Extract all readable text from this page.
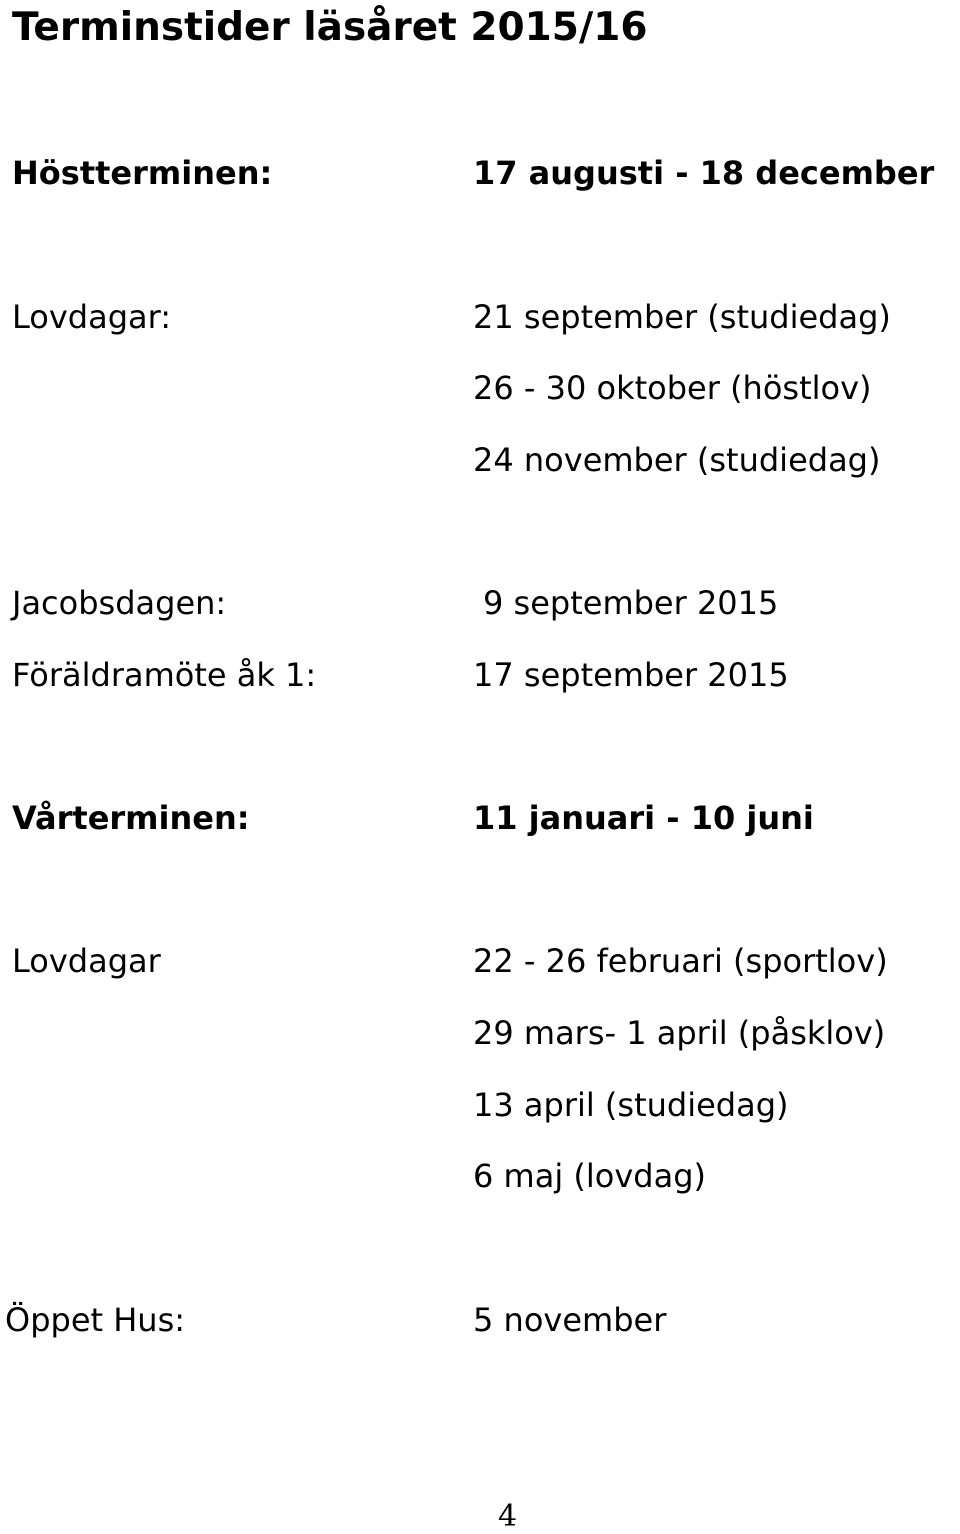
Terminstider läsåret 2015/16
Höstterminen:	17 augusti - 18 december
Lovdagar:	21 september (studiedag)
26 - 30 oktober (höstlov)
24 november (studiedag)
Jacobsdagen:	9 september 2015
Föräldramöte åk 1:	17 september 2015
Vårterminen:	11 januari - 10 juni
Lovdagar	22 - 26 februari (sportlov)
29 mars- 1 april (påsklov)
13 april (studiedag)
6 maj (lovdag)
Öppet Hus:	5 november
4
